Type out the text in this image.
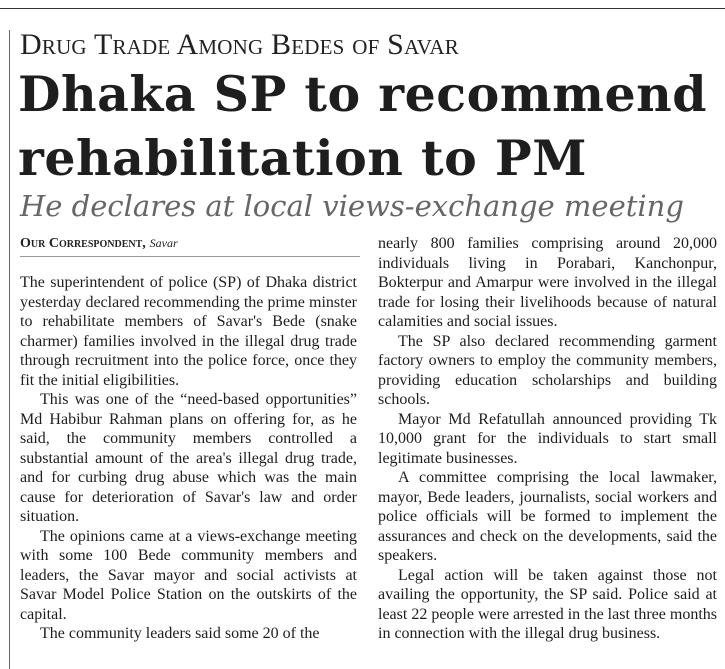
Drug Trade Among Bedes of Savar
Dhaka SP to recommend
rehabilitation to PM
He declares at local views-exchange meeting
Our Correspondent, Savar

The superintendent of police (SP) of Dhaka district yesterday declared recommending the prime minster to rehabilitate members of Savar's Bede (snake charmer) families involved in the illegal drug trade through recruitment into the police force, once they fit the initial eligibilities.

This was one of the “need-based opportunities” Md Habibur Rahman plans on offering for, as he said, the community members controlled a substantial amount of the area's illegal drug trade, and for curbing drug abuse which was the main cause for deterioration of Savar's law and order situation.

The opinions came at a views-exchange meeting with some 100 Bede community members and leaders, the Savar mayor and social activists at Savar Model Police Station on the outskirts of the capital.

The community leaders said some 20 of the

nearly 800 families comprising around 20,000 individuals living in Porabari, Kanchonpur, Bokterpur and Amarpur were involved in the illegal trade for losing their livelihoods because of natural calamities and social issues.

The SP also declared recommending garment factory owners to employ the community members, providing education scholarships and building schools.

Mayor Md Refatullah announced providing Tk 10,000 grant for the individuals to start small legitimate businesses.

A committee comprising the local lawmaker, mayor, Bede leaders, journalists, social workers and police officials will be formed to implement the assurances and check on the developments, said the speakers.

Legal action will be taken against those not availing the opportunity, the SP said. Police said at least 22 people were arrested in the last three months in connection with the illegal drug business.
